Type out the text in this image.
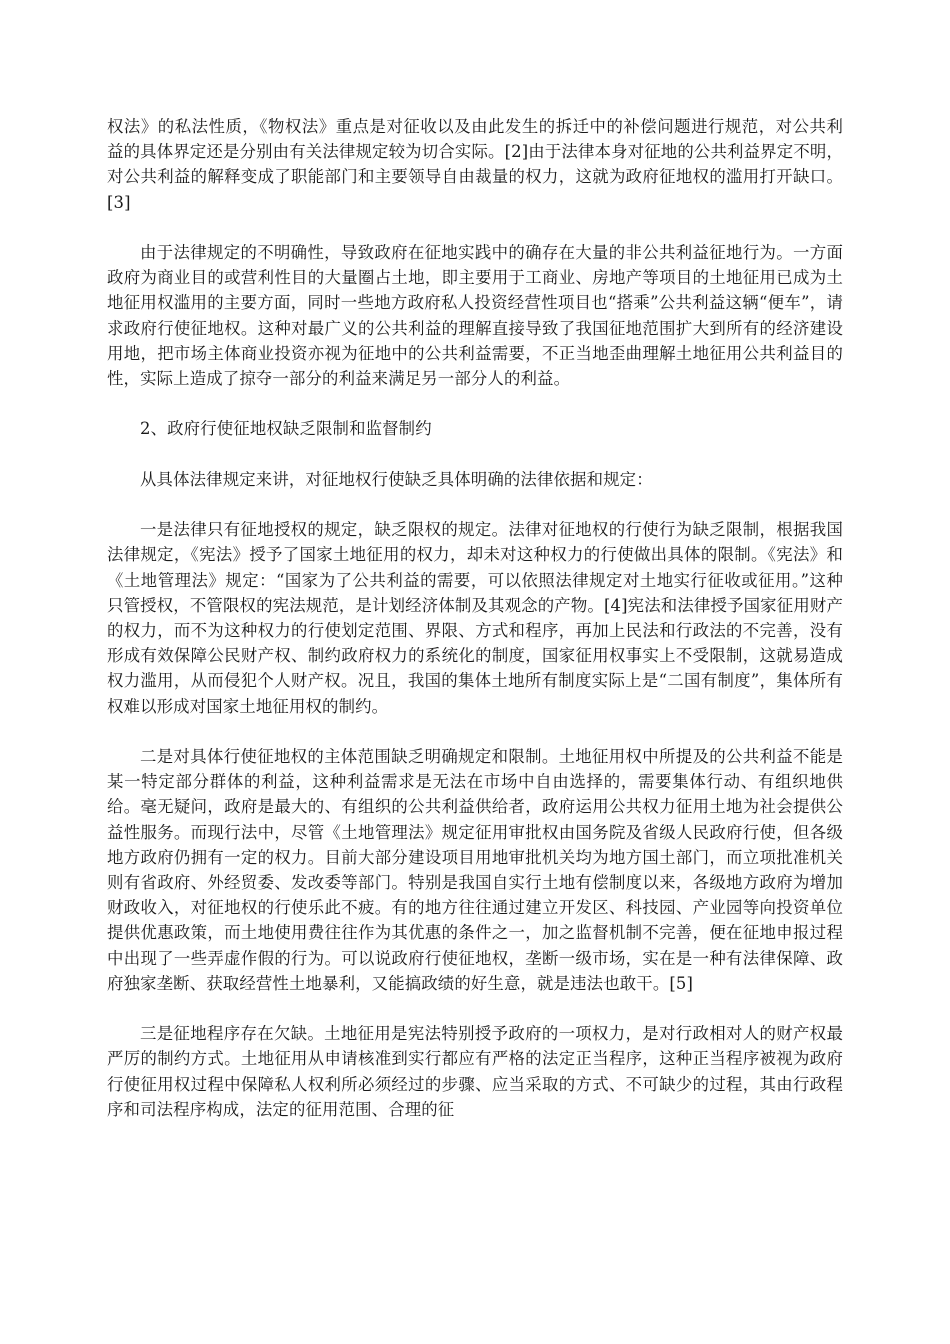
权法》的私法性质，《物权法》重点是对征收以及由此发生的拆迁中的补偿问题进行规范，对公共利益的具体界定还是分别由有关法律规定较为切合实际。[2]由于法律本身对征地的公共利益界定不明，对公共利益的解释变成了职能部门和主要领导自由裁量的权力，这就为政府征地权的滥用打开缺口。[3]

由于法律规定的不明确性，导致政府在征地实践中的确存在大量的非公共利益征地行为。一方面政府为商业目的或营利性目的大量圈占土地，即主要用于工商业、房地产等项目的土地征用已成为土地征用权滥用的主要方面，同时一些地方政府私人投资经营性项目也“搭乘”公共利益这辆“便车”，请求政府行使征地权。这种对最广义的公共利益的理解直接导致了我国征地范围扩大到所有的经济建设用地，把市场主体商业投资亦视为征地中的公共利益需要，不正当地歪曲理解土地征用公共利益目的性，实际上造成了掠夺一部分的利益来满足另一部分人的利益。

2、政府行使征地权缺乏限制和监督制约

从具体法律规定来讲，对征地权行使缺乏具体明确的法律依据和规定：

一是法律只有征地授权的规定，缺乏限权的规定。法律对征地权的行使行为缺乏限制，根据我国法律规定，《宪法》授予了国家土地征用的权力，却未对这种权力的行使做出具体的限制。《宪法》和《土地管理法》规定：“国家为了公共利益的需要，可以依照法律规定对土地实行征收或征用。”这种只管授权，不管限权的宪法规范，是计划经济体制及其观念的产物。[4]宪法和法律授予国家征用财产的权力，而不为这种权力的行使划定范围、界限、方式和程序，再加上民法和行政法的不完善，没有形成有效保障公民财产权、制约政府权力的系统化的制度，国家征用权事实上不受限制，这就易造成权力滥用，从而侵犯个人财产权。况且，我国的集体土地所有制度实际上是“二国有制度”，集体所有权难以形成对国家土地征用权的制约。

二是对具体行使征地权的主体范围缺乏明确规定和限制。土地征用权中所提及的公共利益不能是某一特定部分群体的利益，这种利益需求是无法在市场中自由选择的，需要集体行动、有组织地供给。毫无疑问，政府是最大的、有组织的公共利益供给者，政府运用公共权力征用土地为社会提供公益性服务。而现行法中，尽管《土地管理法》规定征用审批权由国务院及省级人民政府行使，但各级地方政府仍拥有一定的权力。目前大部分建设项目用地审批机关均为地方国土部门，而立项批准机关则有省政府、外经贸委、发改委等部门。特别是我国自实行土地有偿制度以来，各级地方政府为增加财政收入，对征地权的行使乐此不疲。有的地方往往通过建立开发区、科技园、产业园等向投资单位提供优惠政策，而土地使用费往往作为其优惠的条件之一，加之监督机制不完善，便在征地申报过程中出现了一些弄虚作假的行为。可以说政府行使征地权，垄断一级市场，实在是一种有法律保障、政府独家垄断、获取经营性土地暴利，又能搞政绩的好生意，就是违法也敢干。[5]

三是征地程序存在欠缺。土地征用是宪法特别授予政府的一项权力，是对行政相对人的财产权最严厉的制约方式。土地征用从申请核准到实行都应有严格的法定正当程序，这种正当程序被视为政府行使征用权过程中保障私人权利所必须经过的步骤、应当采取的方式、不可缺少的过程，其由行政程序和司法程序构成，法定的征用范围、合理的征
